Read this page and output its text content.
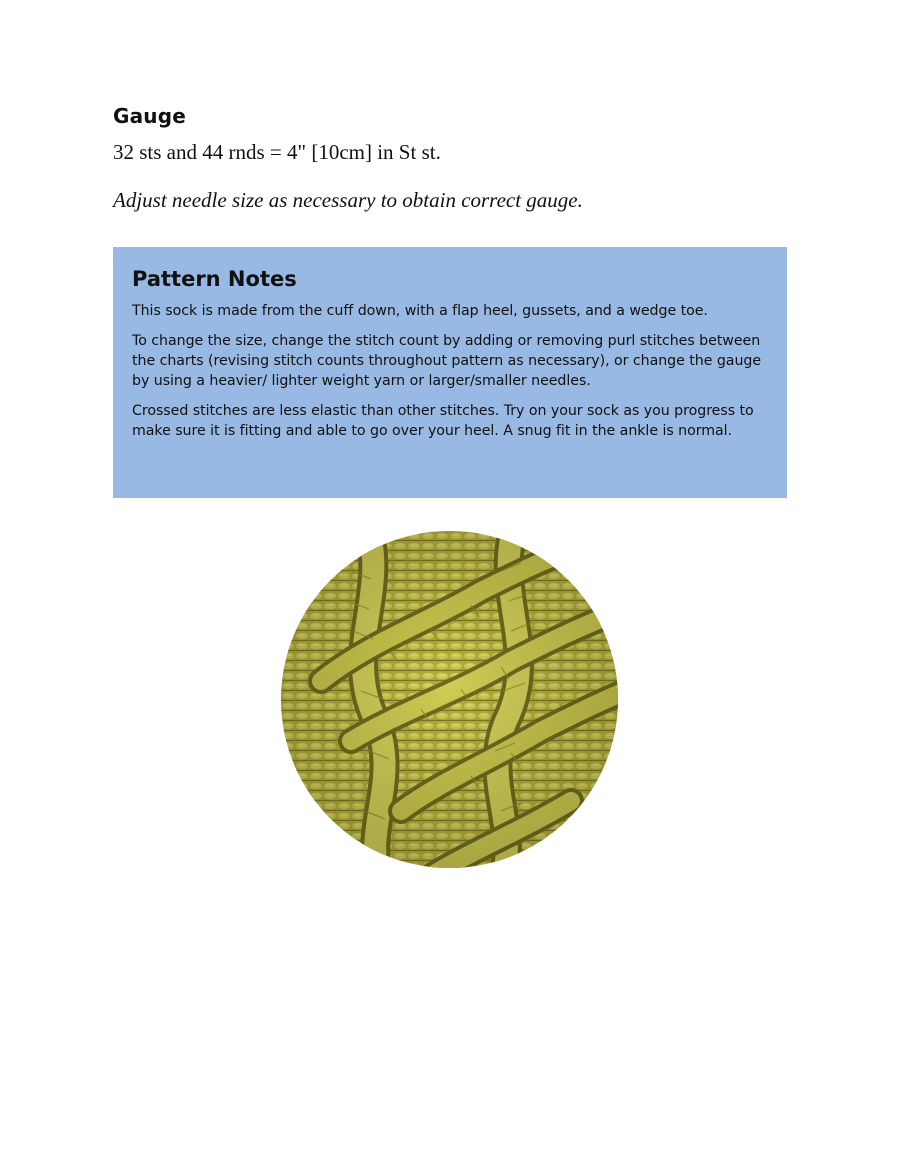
Gauge

32 sts and 44 rnds = 4" [10cm] in St st.

Adjust needle size as necessary to obtain correct gauge.

Pattern Notes

This sock is made from the cuff down, with a flap heel, gussets, and a wedge toe.

To change the size, change the stitch count by adding or removing purl stitches between the charts (revising stitch counts throughout pattern as necessary), or change the gauge by using a heavier/ lighter weight yarn or larger/smaller needles.

Crossed stitches are less elastic than other stitches. Try on your sock as you progress to make sure it is fitting and able to go over your heel. A snug fit in the ankle is normal.
